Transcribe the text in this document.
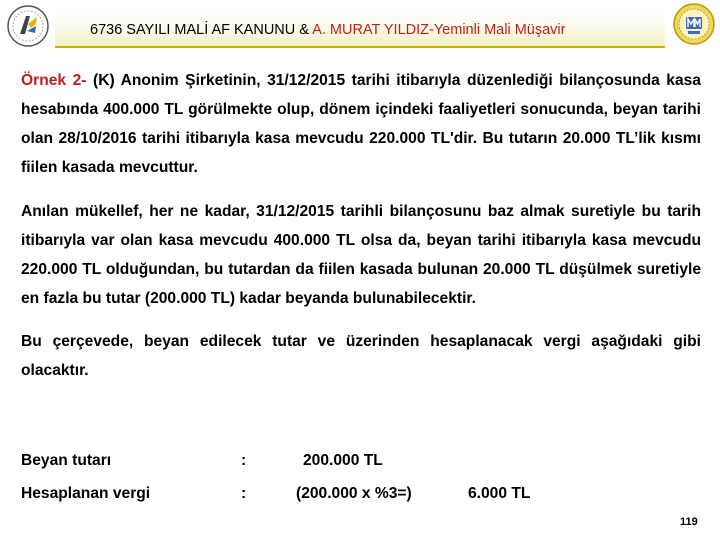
6736 SAYILI MALİ AF KANUNU & A. MURAT YILDIZ-Yeminli Mali Müşavir

Örnek 2- (K) Anonim Şirketinin, 31/12/2015 tarihi itibarıyla düzenlediği bilançosunda kasa hesabında 400.000 TL görülmekte olup, dönem içindeki faaliyetleri sonucunda, beyan tarihi olan 28/10/2016 tarihi itibarıyla kasa mevcudu 220.000 TL'dir. Bu tutarın 20.000 TL’lik kısmı fiilen kasada mevcuttur.

Anılan mükellef, her ne kadar, 31/12/2015 tarihli bilançosunu baz almak suretiyle bu tarih itibarıyla var olan kasa mevcudu 400.000 TL olsa da, beyan tarihi itibarıyla kasa mevcudu 220.000 TL olduğundan, bu tutardan da fiilen kasada bulunan 20.000 TL düşülmek suretiyle en fazla bu tutar (200.000 TL) kadar beyanda bulunabilecektir.

Bu çerçevede, beyan edilecek tutar ve üzerinden hesaplanacak vergi aşağıdaki gibi olacaktır.

Beyan tutarı	:	200.000 TL
Hesaplanan vergi	:	(200.000 x %3=)	6.000 TL
119
